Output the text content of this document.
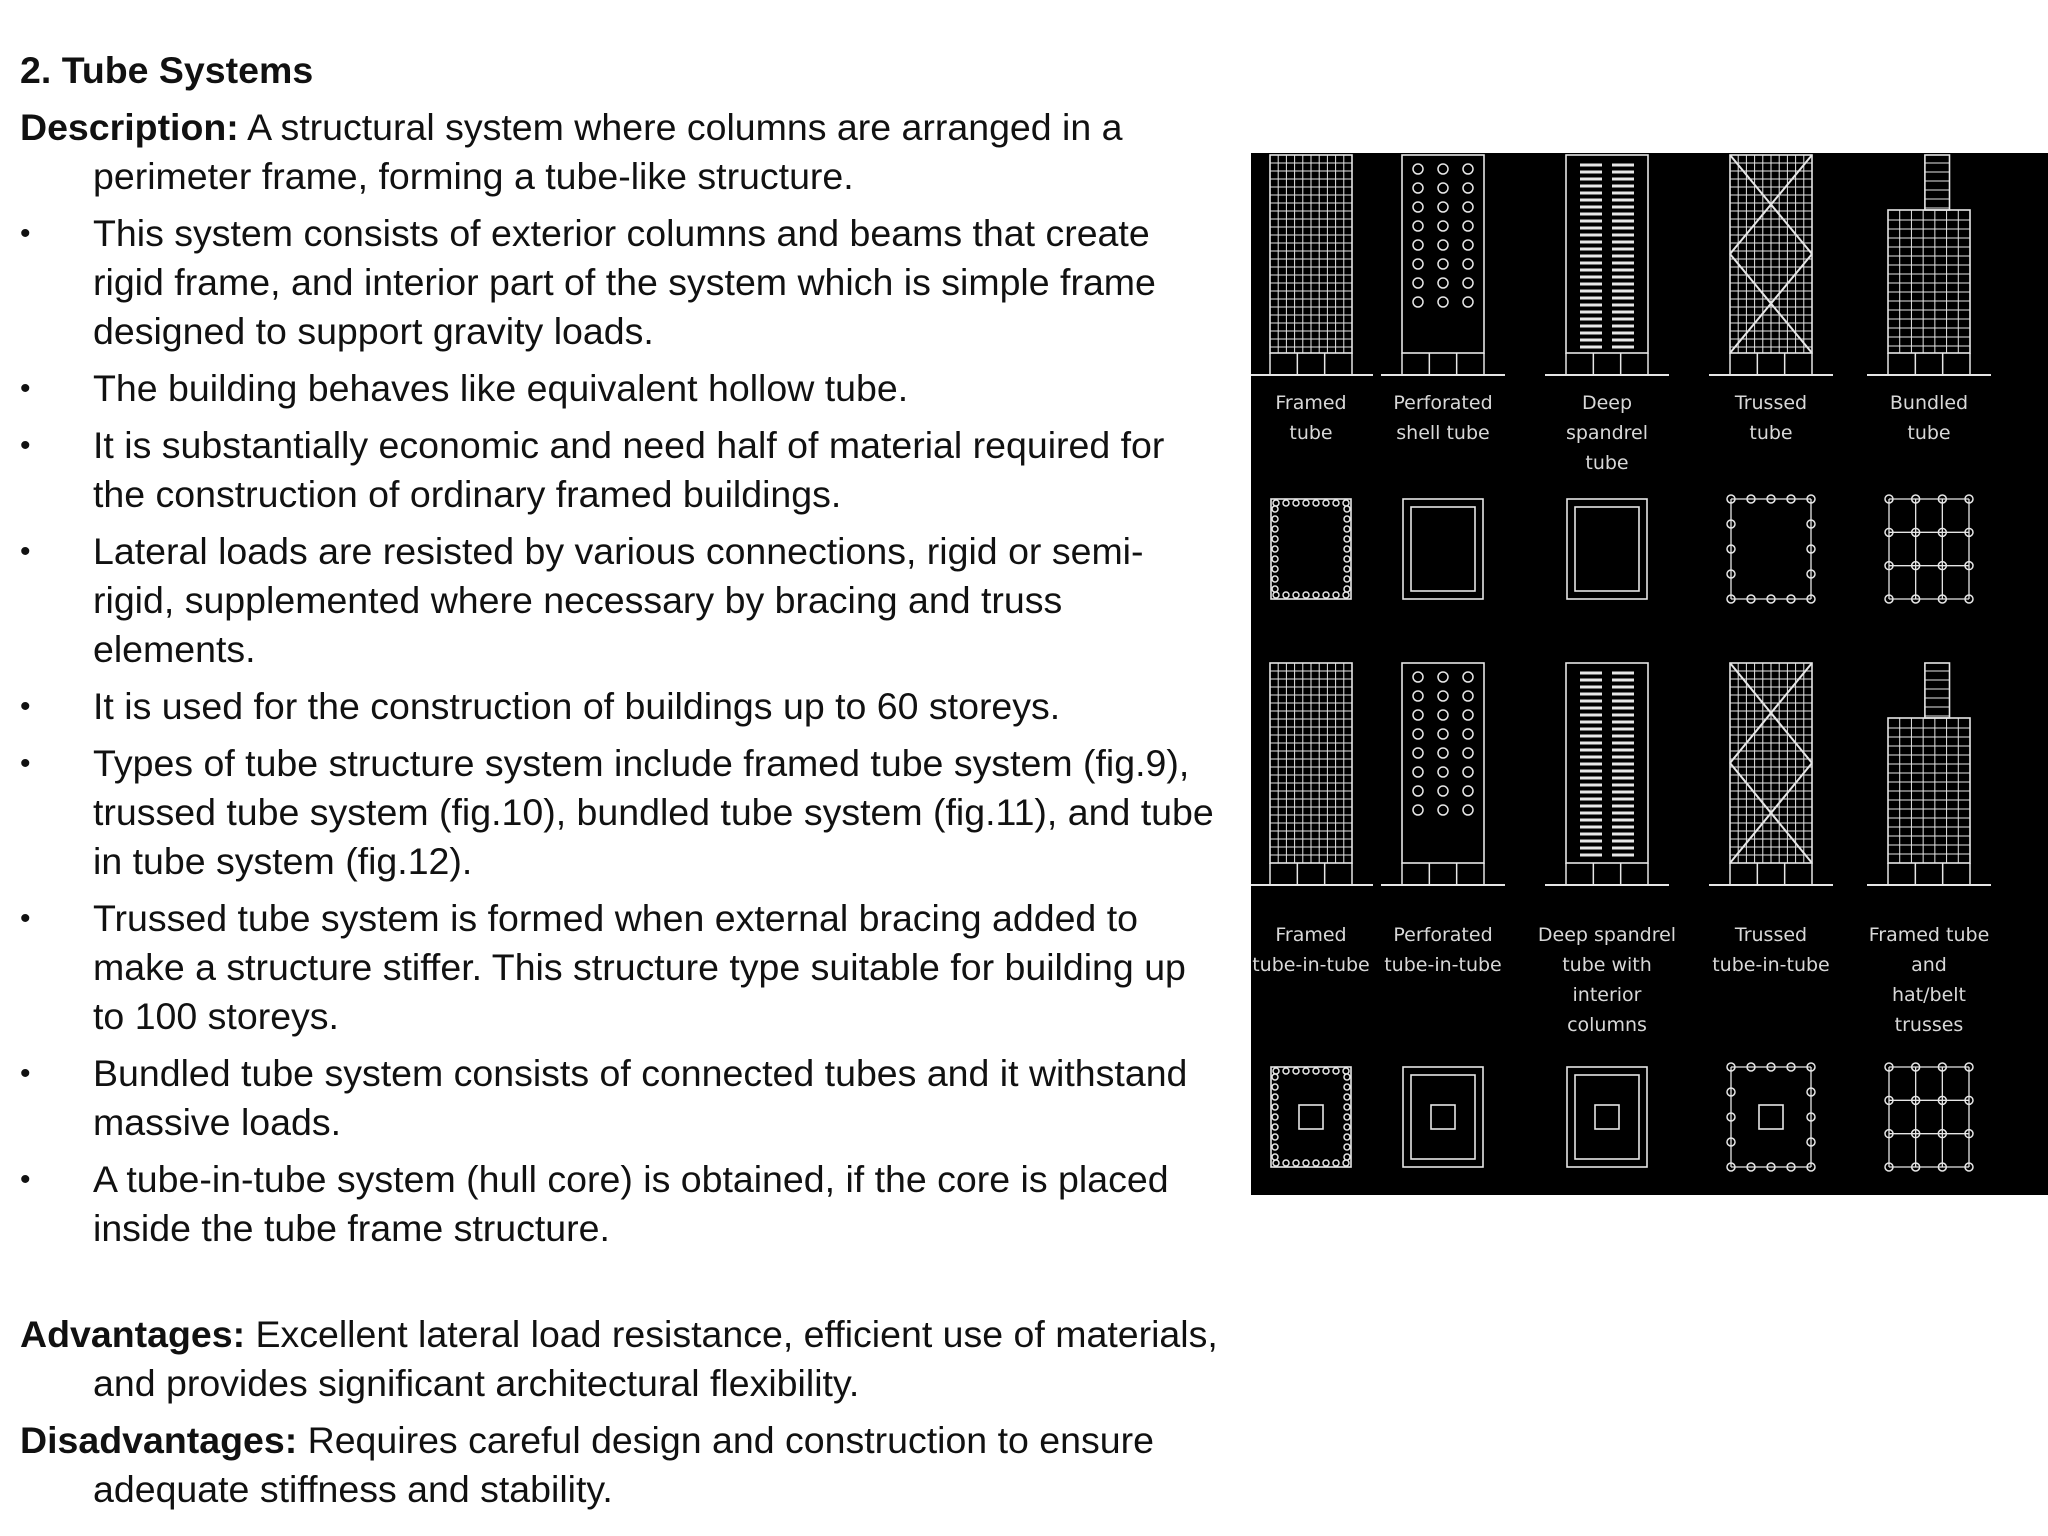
2. Tube Systems
Description: A structural system where columns are arranged in a perimeter frame, forming a tube-like structure.
•	This system consists of exterior columns and beams that create rigid frame, and interior part of the system which is simple frame designed to support gravity loads.
•	The building behaves like equivalent hollow tube.
•	It is substantially economic and need half of material required for the construction of ordinary framed buildings.
•	Lateral loads are resisted by various connections, rigid or semi-rigid, supplemented where necessary by bracing and truss elements.
•	It is used for the construction of buildings up to 60 storeys.
•	Types of tube structure system include framed tube system (fig.9), trussed tube system (fig.10), bundled tube system (fig.11), and tube in tube system (fig.12).
•	Trussed tube system is formed when external bracing added to make a structure stiffer. This structure type suitable for building up to 100 storeys.
•	Bundled tube system consists of connected tubes and it withstand massive loads.
•	A tube-in-tube system (hull core) is obtained, if the core is placed inside the tube frame structure.
Advantages: Excellent lateral load resistance, efficient use of materials, and provides significant architectural flexibility.
Disadvantages: Requires careful design and construction to ensure adequate stiffness and stability.
Framed
tube
Perforated
shell tube
Deep
spandrel
tube
Trussed
tube
Bundled
tube
Framed
tube-in-tube
Perforated
tube-in-tube
Deep spandrel
tube with
interior
columns
Trussed
tube-in-tube
Framed tube
and
hat/belt
trusses
